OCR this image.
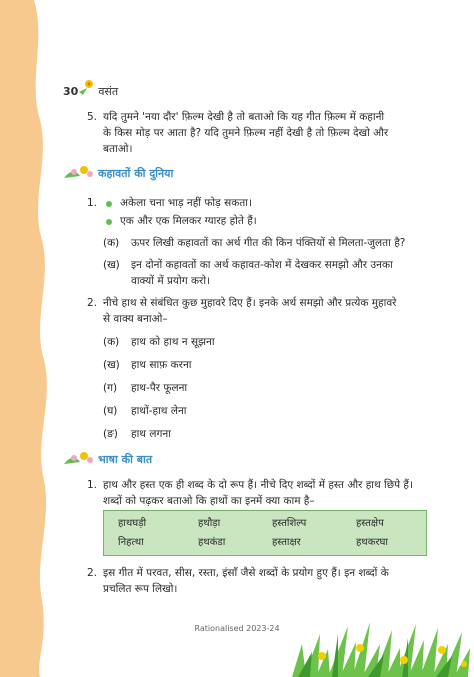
30 वसंत
5. यदि तुमने 'नया दौर' फ़िल्म देखी है तो बताओ कि यह गीत फ़िल्म में कहानी
के किस मोड़ पर आता है? यदि तुमने फ़िल्म नहीं देखी है तो फ़िल्म देखो और
बताओ।
कहावतों की दुनिया
1. अकेला चना भाड़ नहीं फोड़ सकता।
एक और एक मिलकर ग्यारह होते हैं।
(क) ऊपर लिखी कहावतों का अर्थ गीत की किन पंक्तियों से मिलता-जुलता है?
(ख) इन दोनों कहावतों का अर्थ कहावत-कोश में देखकर समझो और उनका
वाक्यों में प्रयोग करो।
2. नीचे हाथ से संबंधित कुछ मुहावरे दिए हैं। इनके अर्थ समझो और प्रत्येक मुहावरे
से वाक्य बनाओ–
(क) हाथ को हाथ न सूझना
(ख) हाथ साफ़ करना
(ग) हाथ-पैर फूलना
(घ) हाथों-हाथ लेना
(ङ) हाथ लगना
भाषा की बात
1. हाथ और हस्त एक ही शब्द के दो रूप हैं। नीचे दिए शब्दों में हस्त और हाथ छिपे हैं।
शब्दों को पढ़कर बताओ कि हाथों का इनमें क्या काम है–
हाथघड़ी	हथौड़ा	हस्तशिल्प	हस्तक्षेप
निहत्था	हथकंडा	हस्ताक्षर	हथकरघा
2. इस गीत में परवत, सीस, रस्ता, इंसाँ जैसे शब्दों के प्रयोग हुए हैं। इन शब्दों के
प्रचलित रूप लिखो।
Rationalised 2023-24
